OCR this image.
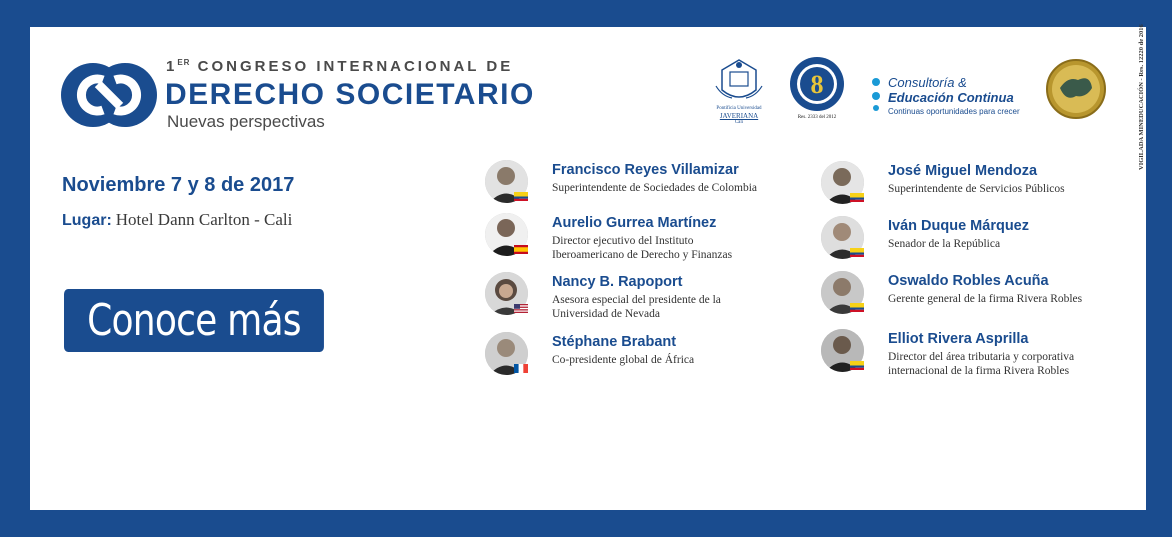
1ER CONGRESO INTERNACIONAL DE
DERECHO SOCIETARIO
Nuevas perspectivas
Noviembre 7 y 8 de 2017
Lugar: Hotel Dann Carlton - Cali
Conoce más
Pontificia Universidad
JAVERIANA
Cali
8
Res. 2333 del 2012
Consultoría &
Educación Continua
Continuas oportunidades para crecer	VIGILADA MINEDUCACIÓN - Res. 12220 de 2016
Francisco Reyes Villamizar
Superintendente de Sociedades de Colombia
Aurelio Gurrea Martínez
Director ejecutivo del Instituto
Iberoamericano de Derecho y Finanzas
Nancy B. Rapoport
Asesora especial del presidente de la
Universidad de Nevada
Stéphane Brabant
Co-presidente global de África
José Miguel Mendoza
Superintendente de Servicios Públicos
Iván Duque Márquez
Senador de la República
Oswaldo Robles Acuña
Gerente general de la firma Rivera Robles
Elliot Rivera Asprilla
Director del área tributaria y corporativa
internacional de la firma Rivera Robles
